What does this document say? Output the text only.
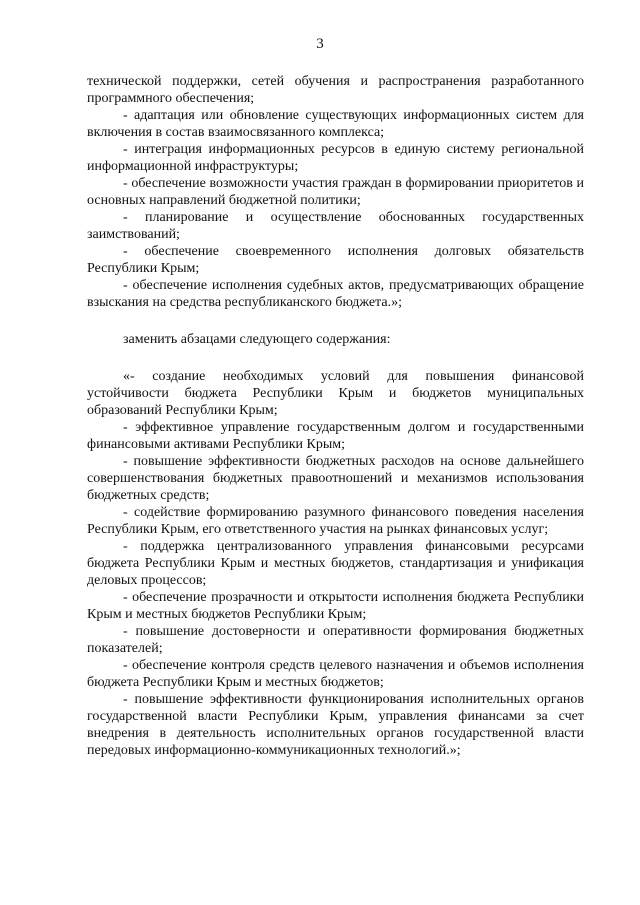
3

технической поддержки, сетей обучения и распространения разработанного программного обеспечения;

- адаптация или обновление существующих информационных систем для включения в состав взаимосвязанного комплекса;

- интеграция информационных ресурсов в единую систему региональной информационной инфраструктуры;

- обеспечение возможности участия граждан в формировании приоритетов и основных направлений бюджетной политики;

- планирование и осуществление обоснованных государственных заимствований;

- обеспечение своевременного исполнения долговых обязательств Республики Крым;

- обеспечение исполнения судебных актов, предусматривающих обращение взыскания на средства республиканского бюджета.»;

заменить абзацами следующего содержания:

«- создание необходимых условий для повышения финансовой устойчивости бюджета Республики Крым и бюджетов муниципальных образований Республики Крым;

- эффективное управление государственным долгом и государственными финансовыми активами Республики Крым;

- повышение эффективности бюджетных расходов на основе дальнейшего совершенствования бюджетных правоотношений и механизмов использования бюджетных средств;

- содействие формированию разумного финансового поведения населения Республики Крым, его ответственного участия на рынках финансовых услуг;

- поддержка централизованного управления финансовыми ресурсами бюджета Республики Крым и местных бюджетов, стандартизация и унификация деловых процессов;

- обеспечение прозрачности и открытости исполнения бюджета Республики Крым и местных бюджетов Республики Крым;

- повышение достоверности и оперативности формирования бюджетных показателей;

- обеспечение контроля средств целевого назначения и объемов исполнения бюджета Республики Крым и местных бюджетов;

- повышение эффективности функционирования исполнительных органов государственной власти Республики Крым, управления финансами за счет внедрения в деятельность исполнительных органов государственной власти передовых информационно-коммуникационных технологий.»;
